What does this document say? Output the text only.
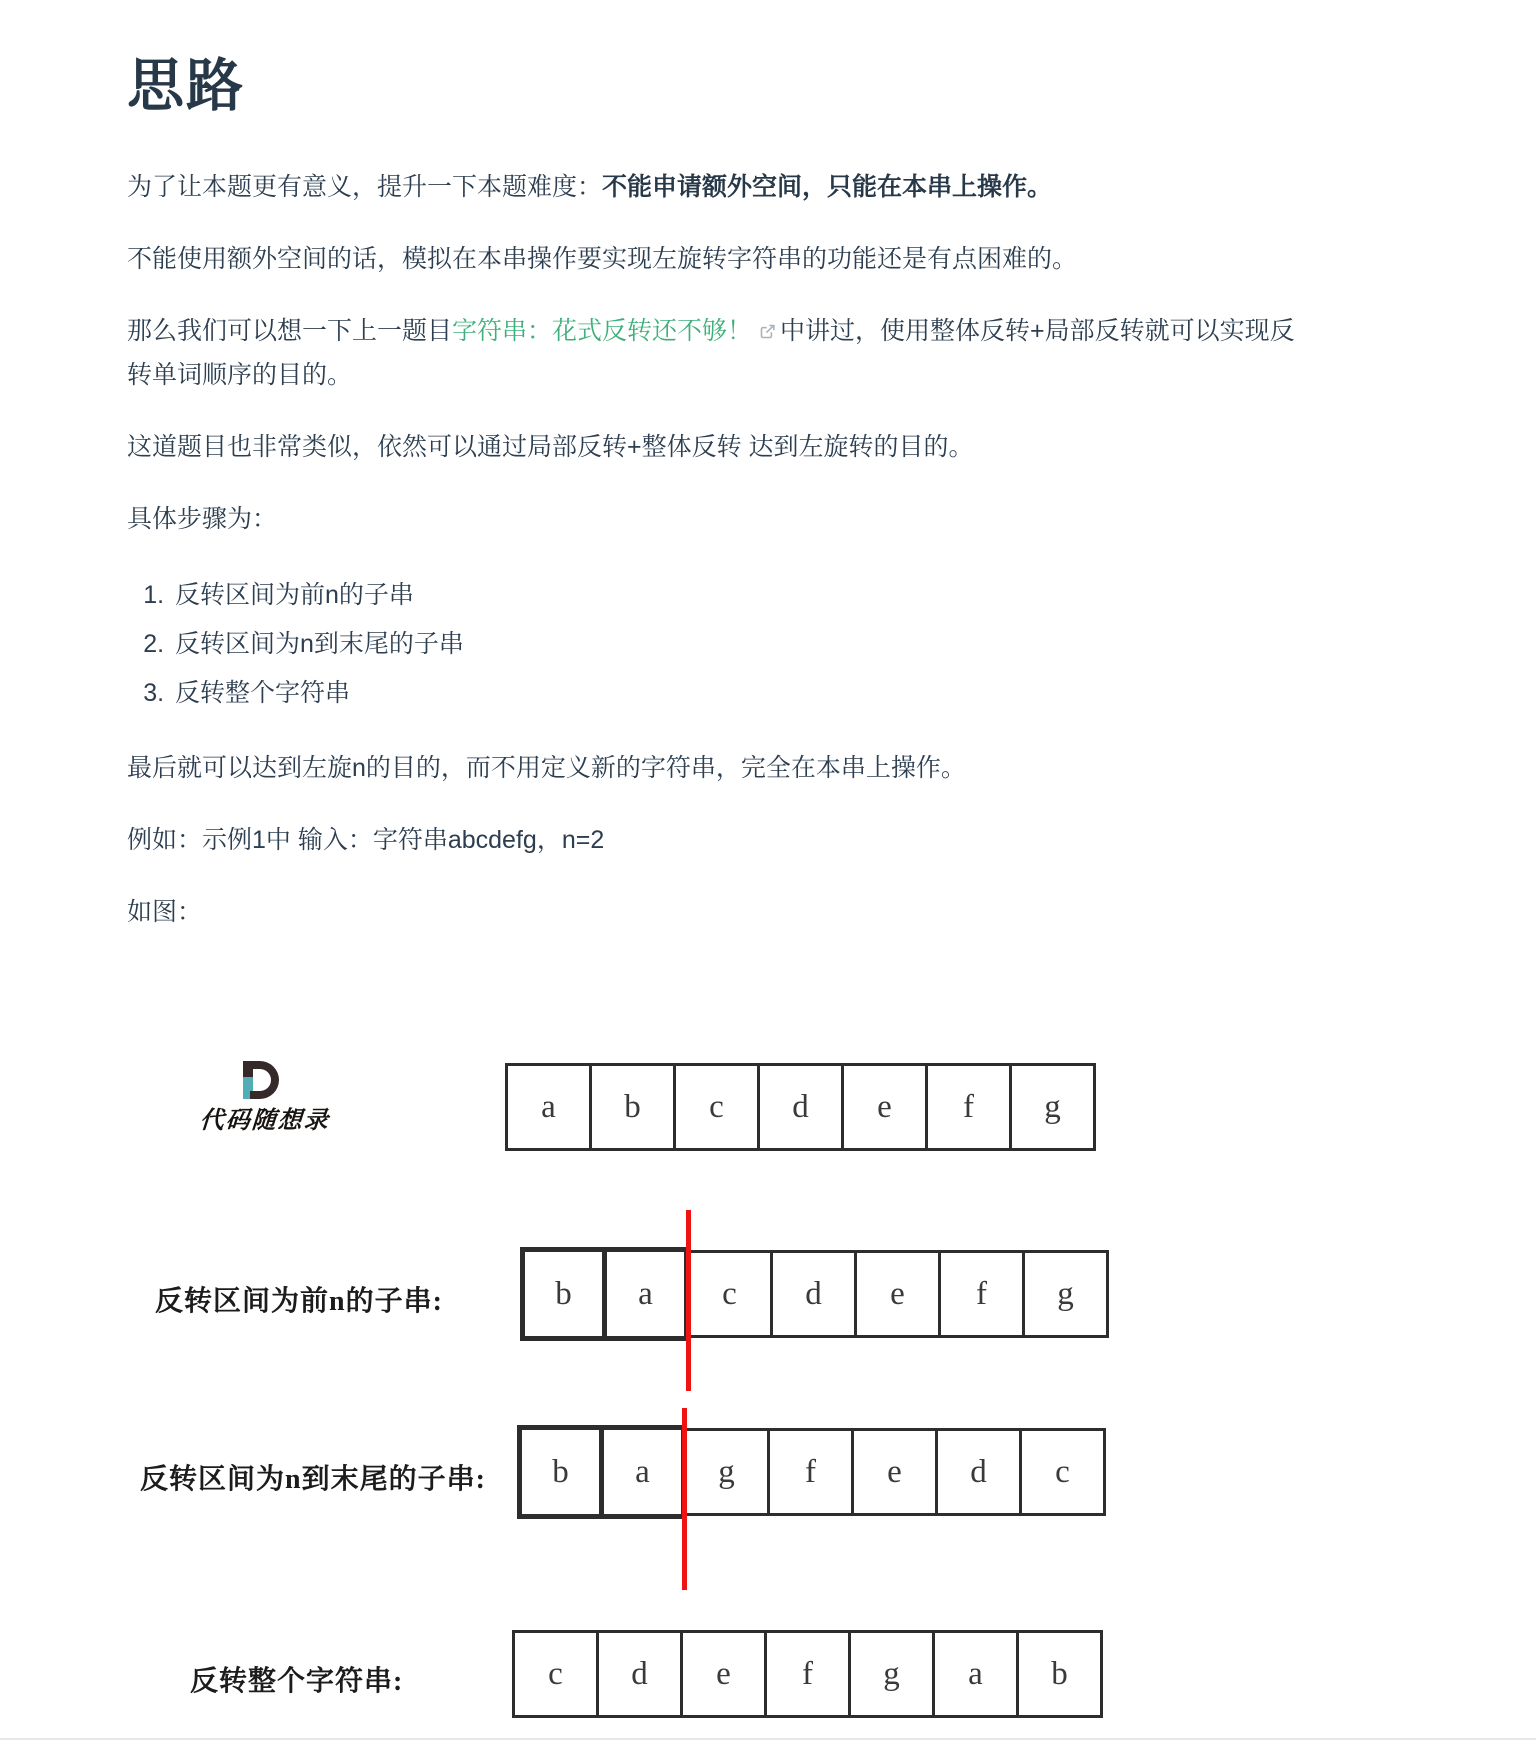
思路

为了让本题更有意义，提升一下本题难度：不能申请额外空间，只能在本串上操作。

不能使用额外空间的话，模拟在本串操作要实现左旋转字符串的功能还是有点困难的。

那么我们可以想一下上一题目字符串：花式反转还不够！ 中讲过，使用整体反转+局部反转就可以实现反转单词顺序的目的。

这道题目也非常类似，依然可以通过局部反转+整体反转 达到左旋转的目的。

具体步骤为：

1. 反转区间为前n的子串
2. 反转区间为n到末尾的子串
3. 反转整个字符串

最后就可以达到左旋n的目的，而不用定义新的字符串，完全在本串上操作。

例如：示例1中 输入：字符串abcdefg，n=2

如图：

代码随想录	a	b	c	d	e	f	g
反转区间为前n的子串:	b	a	c	d	e	f	g
反转区间为n到末尾的子串:	b	a	g	f	e	d	c
反转整个字符串:	c	d	e	f	g	a	b
